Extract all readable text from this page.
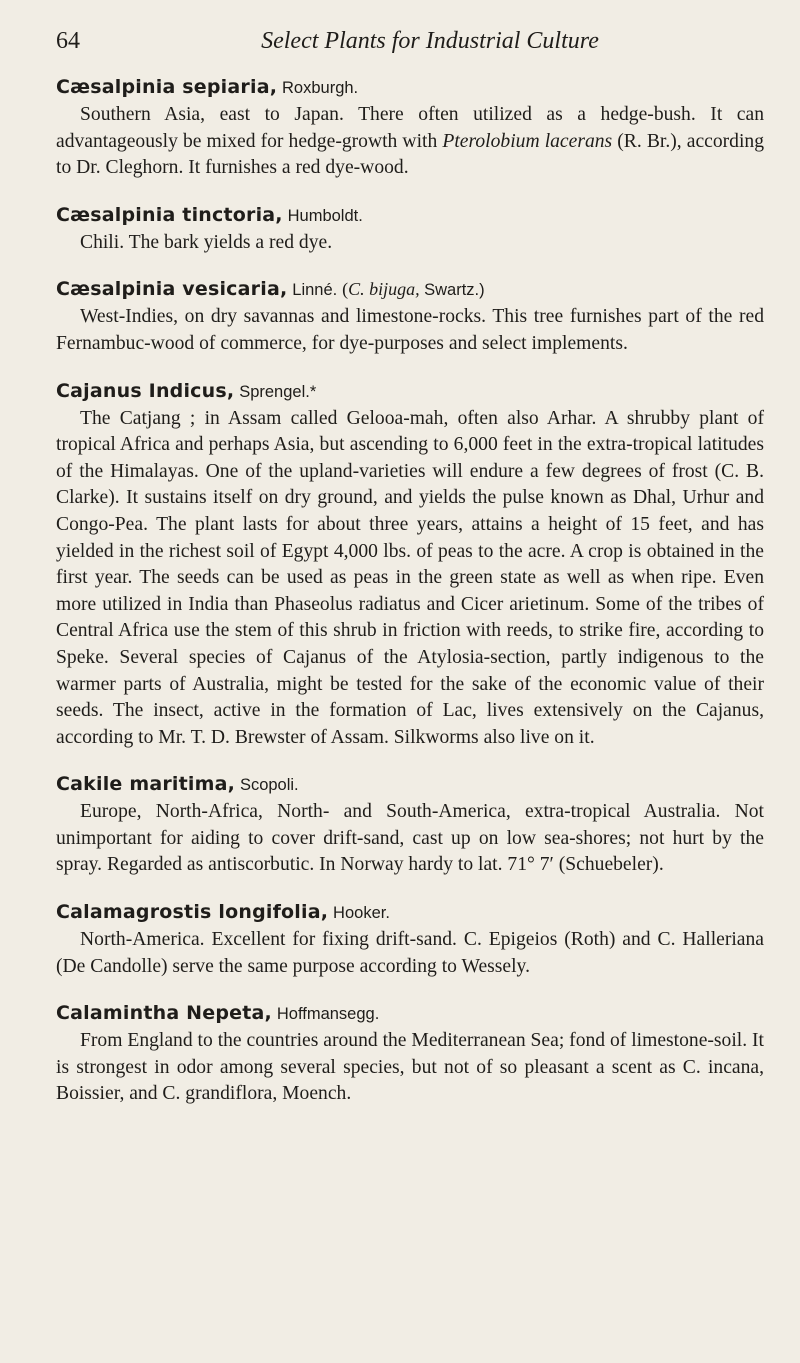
64	Select Plants for Industrial Culture
Cæsalpinia sepiaria, Roxburgh.
Southern Asia, east to Japan. There often utilized as a hedge-bush. It can advantageously be mixed for hedge-growth with Pterolobium lacerans (R. Br.), according to Dr. Cleghorn. It furnishes a red dye-wood.
Cæsalpinia tinctoria, Humboldt.
Chili. The bark yields a red dye.
Cæsalpinia vesicaria, Linné. (C. bijuga, Swartz.)
West-Indies, on dry savannas and limestone-rocks. This tree furnishes part of the red Fernambuc-wood of commerce, for dye-purposes and select implements.
Cajanus Indicus, Sprengel.*
The Catjang ; in Assam called Gelooa-mah, often also Arhar. A shrubby plant of tropical Africa and perhaps Asia, but ascending to 6,000 feet in the extra-tropical latitudes of the Himalayas. One of the upland-varieties will endure a few degrees of frost (C. B. Clarke). It sustains itself on dry ground, and yields the pulse known as Dhal, Urhur and Congo-Pea. The plant lasts for about three years, attains a height of 15 feet, and has yielded in the richest soil of Egypt 4,000 lbs. of peas to the acre. A crop is obtained in the first year. The seeds can be used as peas in the green state as well as when ripe. Even more utilized in India than Phaseolus radiatus and Cicer arietinum. Some of the tribes of Central Africa use the stem of this shrub in friction with reeds, to strike fire, according to Speke. Several species of Cajanus of the Atylosia-section, partly indigenous to the warmer parts of Australia, might be tested for the sake of the economic value of their seeds. The insect, active in the formation of Lac, lives extensively on the Cajanus, according to Mr. T. D. Brewster of Assam. Silkworms also live on it.
Cakile maritima, Scopoli.
Europe, North-Africa, North- and South-America, extra-tropical Australia. Not unimportant for aiding to cover drift-sand, cast up on low sea-shores; not hurt by the spray. Regarded as antiscorbutic. In Norway hardy to lat. 71° 7′ (Schuebeler).
Calamagrostis longifolia, Hooker.
North-America. Excellent for fixing drift-sand. C. Epigeios (Roth) and C. Halleriana (De Candolle) serve the same purpose according to Wessely.
Calamintha Nepeta, Hoffmansegg.
From England to the countries around the Mediterranean Sea; fond of limestone-soil. It is strongest in odor among several species, but not of so pleasant a scent as C. incana, Boissier, and C. grandiflora, Moench.
